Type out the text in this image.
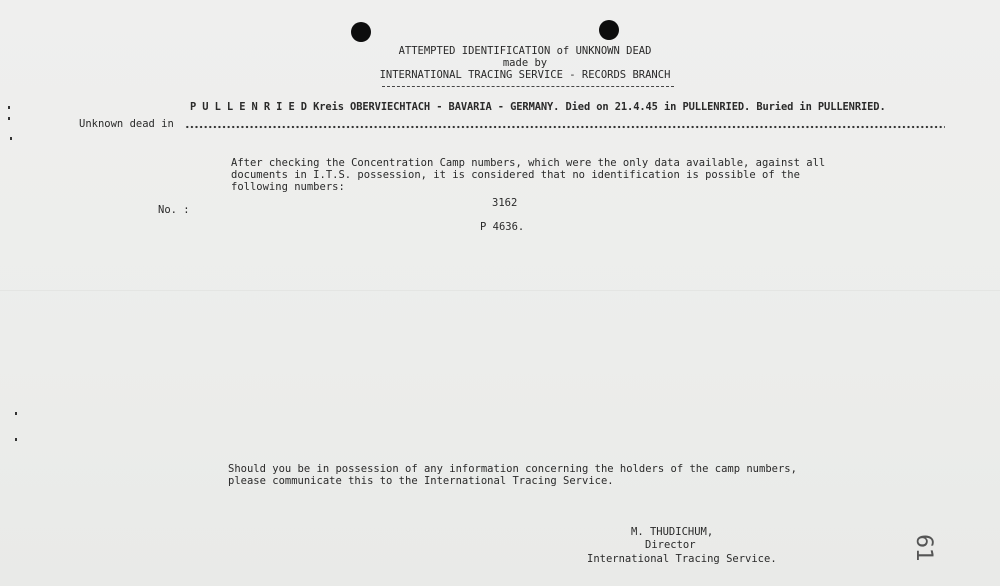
ATTEMPTED IDENTIFICATION of UNKNOWN DEAD
made by
INTERNATIONAL TRACING SERVICE - RECORDS BRANCH
P U L L E N R I E D Kreis OBERVIECHTACH - BAVARIA - GERMANY. Died on 21.4.45 in PULLENRIED. Buried in PULLENRIED.
Unknown dead in
After checking the Concentration Camp numbers, which were the only data available, against all
documents in I.T.S. possession, it is considered that no identification is possible of the
following numbers:
No. :
3162
P 4636.
Should you be in possession of any information concerning the holders of the camp numbers,
please communicate this to the International Tracing Service.
M. THUDICHUM,
Director
International Tracing Service.	61
